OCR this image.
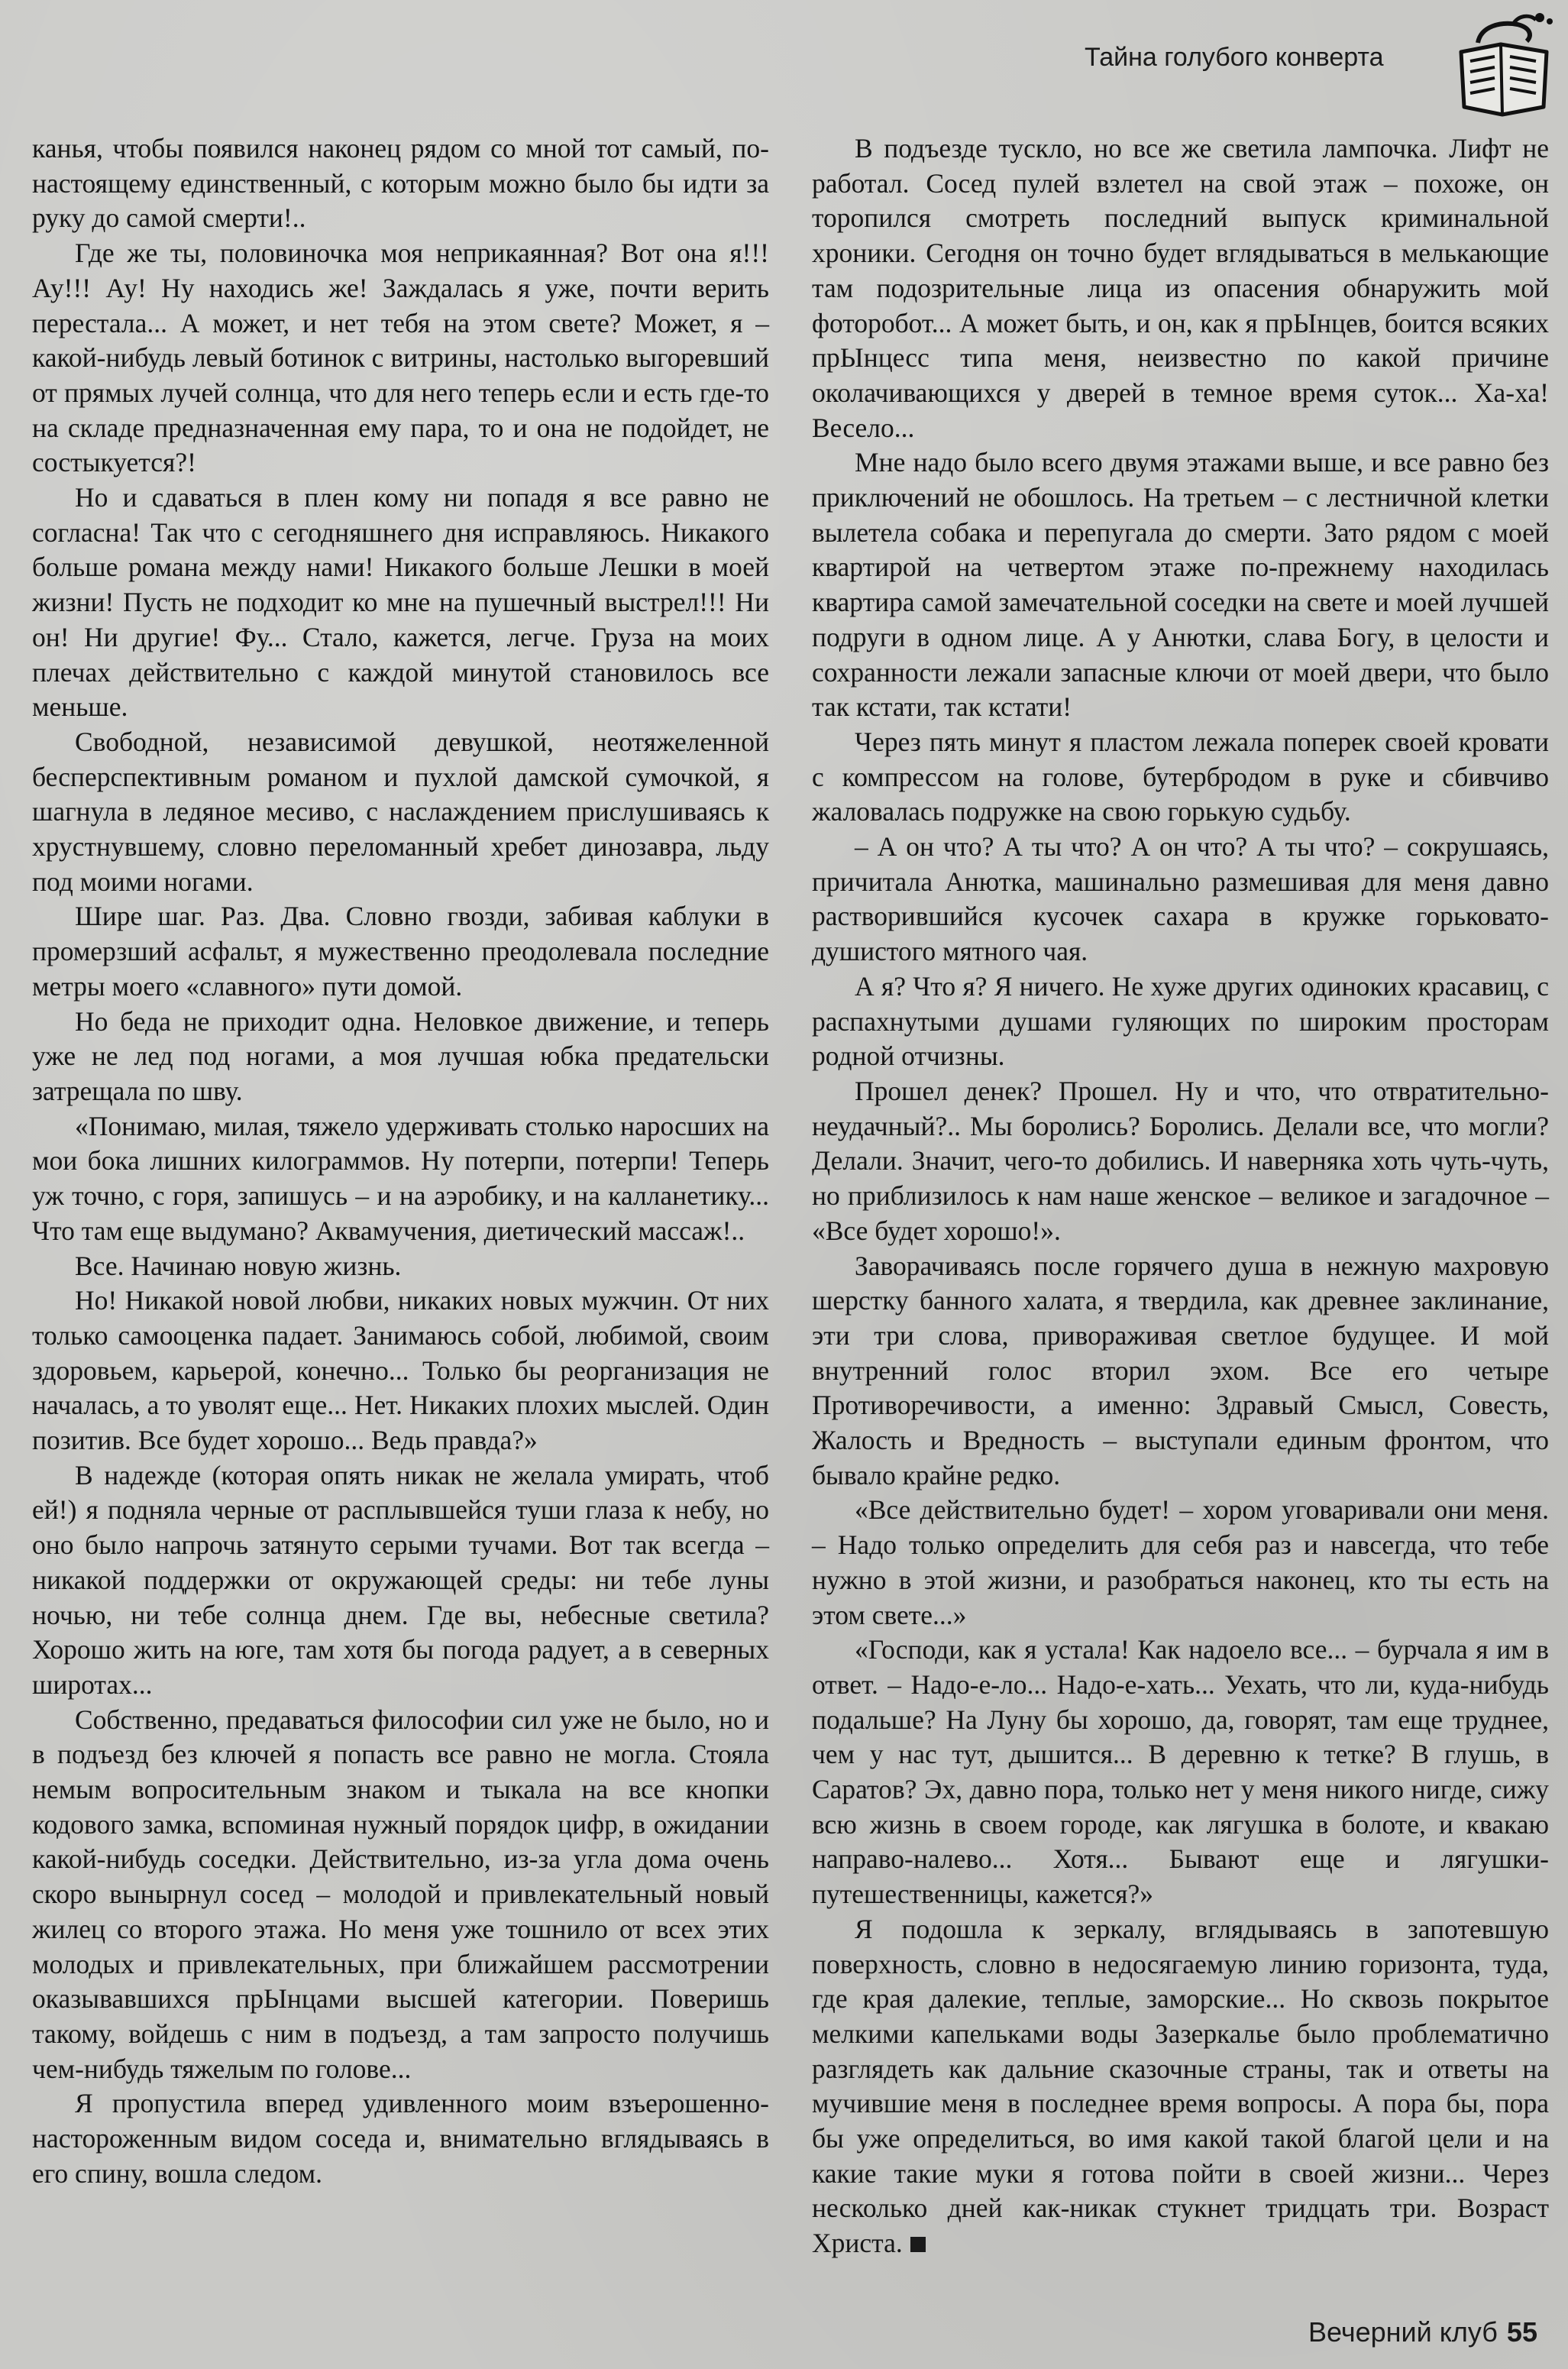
Тайна голубого конверта

канья, чтобы появился наконец рядом со мной тот самый, по-настоящему единственный, с которым можно было бы идти за руку до самой смерти!..

Где же ты, половиночка моя неприкаянная? Вот она я!!! Ау!!! Ау! Ну находись же! Заждалась я уже, почти верить перестала... А может, и нет тебя на этом свете? Может, я – какой-нибудь левый ботинок с витрины, настолько выгоревший от прямых лучей солнца, что для него теперь если и есть где-то на складе предназначенная ему пара, то и она не подойдет, не состыкуется?!

Но и сдаваться в плен кому ни попадя я все равно не согласна! Так что с сегодняшнего дня исправляюсь. Никакого больше романа между нами! Никакого больше Лешки в моей жизни! Пусть не подходит ко мне на пушечный выстрел!!! Ни он! Ни другие! Фу... Стало, кажется, легче. Груза на моих плечах действительно с каждой минутой становилось все меньше.

Свободной, независимой девушкой, неотяжеленной бесперспективным романом и пухлой дамской сумочкой, я шагнула в ледяное месиво, с наслаждением прислушиваясь к хрустнувшему, словно переломанный хребет динозавра, льду под моими ногами.

Шире шаг. Раз. Два. Словно гвозди, забивая каблуки в промерзший асфальт, я мужественно преодолевала последние метры моего «славного» пути домой.

Но беда не приходит одна. Неловкое движение, и теперь уже не лед под ногами, а моя лучшая юбка предательски затрещала по шву.

«Понимаю, милая, тяжело удерживать столько наросших на мои бока лишних килограммов. Ну потерпи, потерпи! Теперь уж точно, с горя, запишусь – и на аэробику, и на калланетику... Что там еще выдумано? Аквамучения, диетический массаж!..

Все. Начинаю новую жизнь.

Но! Никакой новой любви, никаких новых мужчин. От них только самооценка падает. Занимаюсь собой, любимой, своим здоровьем, карьерой, конечно... Только бы реорганизация не началась, а то уволят еще... Нет. Никаких плохих мыслей. Один позитив. Все будет хорошо... Ведь правда?»

В надежде (которая опять никак не желала умирать, чтоб ей!) я подняла черные от расплывшейся туши глаза к небу, но оно было напрочь затянуто серыми тучами. Вот так всегда – никакой поддержки от окружающей среды: ни тебе луны ночью, ни тебе солнца днем. Где вы, небесные светила? Хорошо жить на юге, там хотя бы погода радует, а в северных широтах...

Собственно, предаваться философии сил уже не было, но и в подъезд без ключей я попасть все равно не могла. Стояла немым вопросительным знаком и тыкала на все кнопки кодового замка, вспоминая нужный порядок цифр, в ожидании какой-нибудь соседки. Действительно, из-за угла дома очень скоро вынырнул сосед – молодой и привлекательный новый жилец со второго этажа. Но меня уже тошнило от всех этих молодых и привлекательных, при ближайшем рассмотрении оказывавшихся прЫнцами высшей категории. Поверишь такому, войдешь с ним в подъезд, а там запросто получишь чем-нибудь тяжелым по голове...

Я пропустила вперед удивленного моим взъерошенно-настороженным видом соседа и, внимательно вглядываясь в его спину, вошла следом.

В подъезде тускло, но все же светила лампочка. Лифт не работал. Сосед пулей взлетел на свой этаж – похоже, он торопился смотреть последний выпуск криминальной хроники. Сегодня он точно будет вглядываться в мелькающие там подозрительные лица из опасения обнаружить мой фоторобот... А может быть, и он, как я прЫнцев, боится всяких прЫнцесс типа меня, неизвестно по какой причине околачивающихся у дверей в темное время суток... Ха-ха! Весело...

Мне надо было всего двумя этажами выше, и все равно без приключений не обошлось. На третьем – с лестничной клетки вылетела собака и перепугала до смерти. Зато рядом с моей квартирой на четвертом этаже по-прежнему находилась квартира самой замечательной соседки на свете и моей лучшей подруги в одном лице. А у Анютки, слава Богу, в целости и сохранности лежали запасные ключи от моей двери, что было так кстати, так кстати!

Через пять минут я пластом лежала поперек своей кровати с компрессом на голове, бутербродом в руке и сбивчиво жаловалась подружке на свою горькую судьбу.

– А он что? А ты что? А он что? А ты что? – сокрушаясь, причитала Анютка, машинально размешивая для меня давно растворившийся кусочек сахара в кружке горьковато-душистого мятного чая.

А я? Что я? Я ничего. Не хуже других одиноких красавиц, с распахнутыми душами гуляющих по широким просторам родной отчизны.

Прошел денек? Прошел. Ну и что, что отвратительно-неудачный?.. Мы боролись? Боролись. Делали все, что могли? Делали. Значит, чего-то добились. И наверняка хоть чуть-чуть, но приблизилось к нам наше женское – великое и загадочное – «Все будет хорошо!».

Заворачиваясь после горячего душа в нежную махровую шерстку банного халата, я твердила, как древнее заклинание, эти три слова, привораживая светлое будущее. И мой внутренний голос вторил эхом. Все его четыре Противоречивости, а именно: Здравый Смысл, Совесть, Жалость и Вредность – выступали единым фронтом, что бывало крайне редко.

«Все действительно будет! – хором уговаривали они меня. – Надо только определить для себя раз и навсегда, что тебе нужно в этой жизни, и разобраться наконец, кто ты есть на этом свете...»

«Господи, как я устала! Как надоело все... – бурчала я им в ответ. – Надо-е-ло... Надо-е-хать... Уехать, что ли, куда-нибудь подальше? На Луну бы хорошо, да, говорят, там еще труднее, чем у нас тут, дышится... В деревню к тетке? В глушь, в Саратов? Эх, давно пора, только нет у меня никого нигде, сижу всю жизнь в своем городе, как лягушка в болоте, и квакаю направо-налево... Хотя... Бывают еще и лягушки-путешественницы, кажется?»

Я подошла к зеркалу, вглядываясь в запотевшую поверхность, словно в недосягаемую линию горизонта, туда, где края далекие, теплые, заморские... Но сквозь покрытое мелкими капельками воды Зазеркалье было проблематично разглядеть как дальние сказочные страны, так и ответы на мучившие меня в последнее время вопросы. А пора бы, пора бы уже определиться, во имя какой такой благой цели и на какие такие муки я готова пойти в своей жизни... Через несколько дней как-никак стукнет тридцать три. Возраст Христа.

Вечерний клуб 55
